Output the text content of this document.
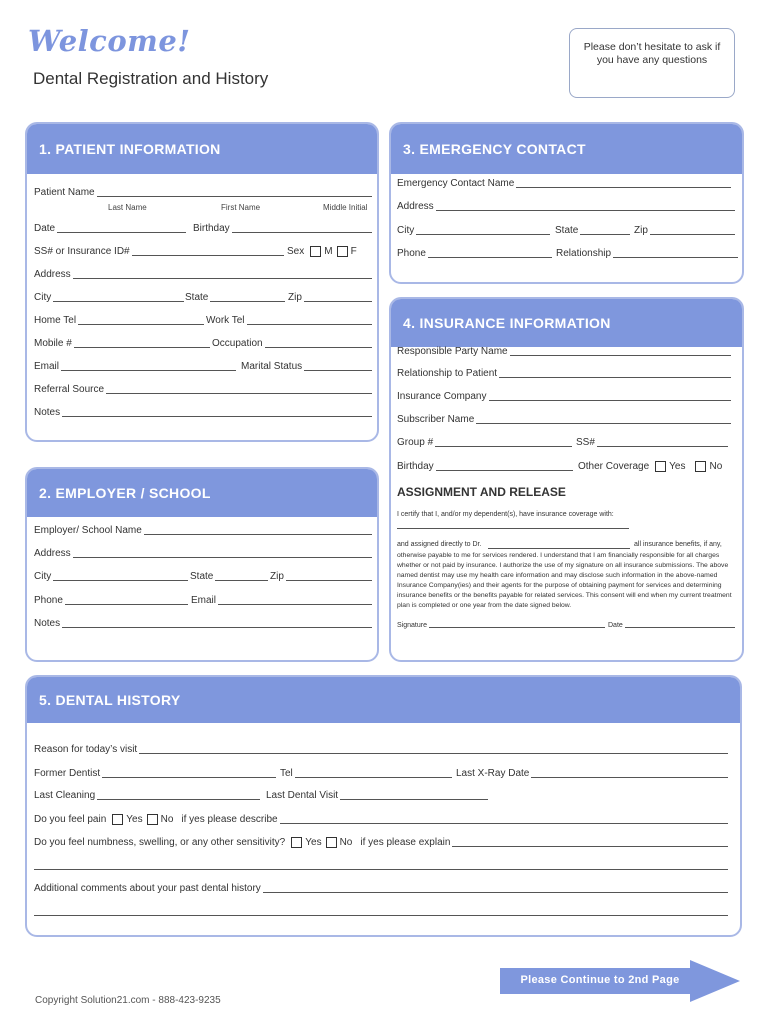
Welcome!
Dental Registration and History
Please don’t hesitate to ask if you have any questions
1. PATIENT INFORMATION
Patient Name
Last Name	First Name	Middle Initial
Date	Birthday
SS# or Insurance ID#	Sex M F
Address
City	State	Zip
Home Tel	Work Tel
Mobile #	Occupation
Email	Marital Status
Referral Source
Notes
2. EMPLOYER / SCHOOL
Employer/ School Name
Address
City	State	Zip
Phone	Email
Notes
3. EMERGENCY CONTACT
Emergency Contact Name
Address
City	State	Zip
Phone	Relationship
4. INSURANCE INFORMATION
Responsible Party Name
Relationship to Patient
Insurance Company
Subscriber Name
Group #	SS#
Birthday	Other Coverage Yes No
ASSIGNMENT AND RELEASE
I certify that I, and/or my dependent(s), have insurance coverage with:
and assigned directly to Dr.	all insurance benefits, if any,
otherwise payable to me for services rendered. I understand that I am financially responsible for all charges whether or not paid by insurance. I authorize the use of my signature on all insurance submissions. The above named dentist may use my health care information and may disclose such information in the above-named Insurance Company(ies) and their agents for the purpose of obtaining payment for services and determining insurance benefits or the benefits payable for related services. This consent will end when my current treatment plan is completed or one year from the date signed below.
Signature	Date
5. DENTAL HISTORY
Reason for today’s visit
Former Dentist	Tel	Last X-Ray Date
Last Cleaning	Last Dental Visit
Do you feel pain Yes No if yes please describe
Do you feel numbness, swelling, or any other sensitivity? Yes No if yes please explain
Additional comments about your past dental history
Please Continue to 2nd Page
Copyright Solution21.com - 888-423-9235
